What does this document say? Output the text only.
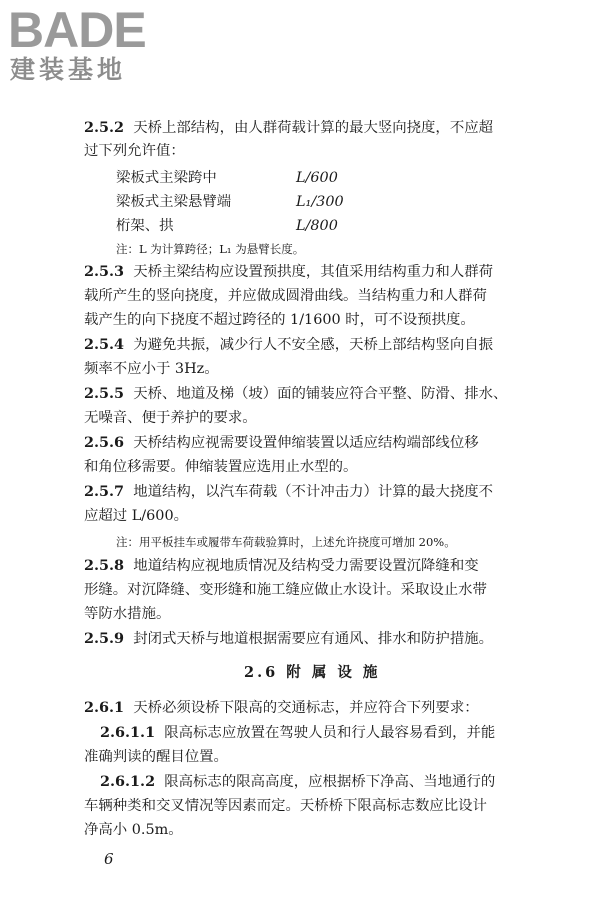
BADE
建装基地
2.5.2 天桥上部结构，由人群荷载计算的最大竖向挠度，不应超
过下列允许值：
梁板式主梁跨中	L/600
梁板式主梁悬臂端	L₁/300
桁架、拱	L/800
注：L 为计算跨径；L₁ 为悬臂长度。
2.5.3 天桥主梁结构应设置预拱度，其值采用结构重力和人群荷
载所产生的竖向挠度，并应做成圆滑曲线。当结构重力和人群荷
载产生的向下挠度不超过跨径的 1/1600 时，可不设预拱度。
2.5.4 为避免共振，减少行人不安全感，天桥上部结构竖向自振
频率不应小于 3Hz。
2.5.5 天桥、地道及梯（坡）面的铺装应符合平整、防滑、排水、
无噪音、便于养护的要求。
2.5.6 天桥结构应视需要设置伸缩装置以适应结构端部线位移
和角位移需要。伸缩装置应选用止水型的。
2.5.7 地道结构，以汽车荷载（不计冲击力）计算的最大挠度不
应超过 L/600。
注：用平板挂车或履带车荷载验算时，上述允许挠度可增加 20%。
2.5.8 地道结构应视地质情况及结构受力需要设置沉降缝和变
形缝。对沉降缝、变形缝和施工缝应做止水设计。采取设止水带
等防水措施。
2.5.9 封闭式天桥与地道根据需要应有通风、排水和防护措施。
2.6 附 属 设 施
2.6.1 天桥必须设桥下限高的交通标志，并应符合下列要求：
2.6.1.1 限高标志应放置在驾驶人员和行人最容易看到，并能
准确判读的醒目位置。
2.6.1.2 限高标志的限高高度，应根据桥下净高、当地通行的
车辆种类和交叉情况等因素而定。天桥桥下限高标志数应比设计
净高小 0.5m。
6
